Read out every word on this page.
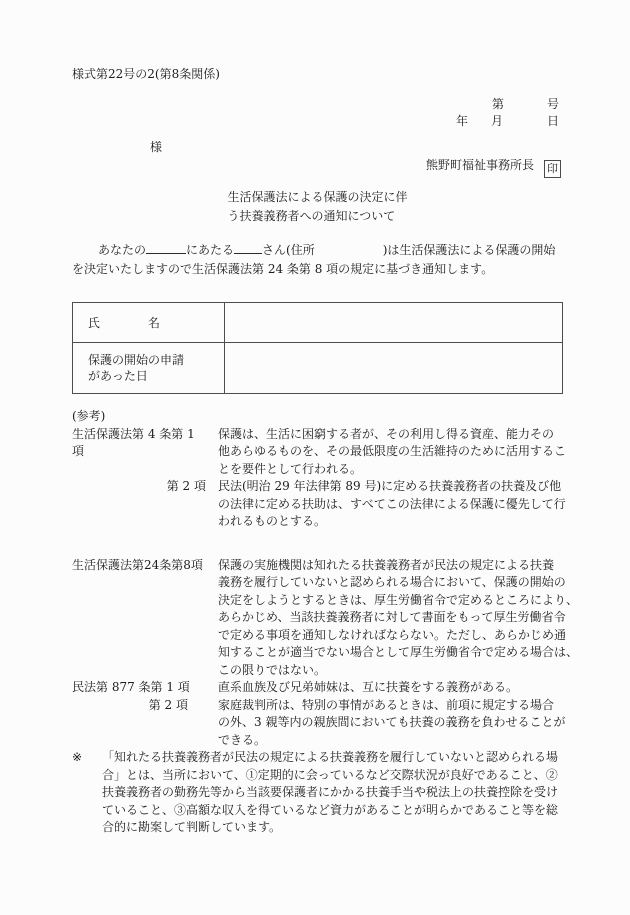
様式第22号の2(第8条関係)
第	号
年 月	日
様
熊野町福祉事務所長 印
生活保護法による保護の決定に伴
う扶養義務者への通知について
あなたの	にあたる さん(住所	)は生活保護法による保護の開始
を決定いたしますので生活保護法第 24 条第 8 項の規定に基づき通知します。
氏　　　　名	

保護の開始の申請
があった日	

(参考)
生活保護法第 4 条第 1 項
保護は、生活に困窮する者が、その利用し得る資産、能力その
他あらゆるものを、その最低限度の生活維持のために活用するこ
とを要件として行われる。
第 2 項 民法(明治 29 年法律第 89 号)に定める扶養義務者の扶養及び他
の法律に定める扶助は、すべてこの法律による保護に優先して行
われるものとする。
生活保護法第24条第8項 保護の実施機関は知れたる扶養義務者が民法の規定による扶養
義務を履行していないと認められる場合において、保護の開始の
決定をしようとするときは、厚生労働省令で定めるところにより、
あらかじめ、当該扶養義務者に対して書面をもって厚生労働省令
で定める事項を通知しなければならない。ただし、あらかじめ通
知することが適当でない場合として厚生労働省令で定める場合は、
この限りではない。
民法第 877 条第 1 項	直系血族及び兄弟姉妹は、互に扶養をする義務がある。
第 2 項	家庭裁判所は、特別の事情があるときは、前項に規定する場合
の外、3 親等内の親族間においても扶養の義務を負わせることが
できる。
※	「知れたる扶養義務者が民法の規定による扶養義務を履行していないと認められる場
合」とは、当所において、①定期的に会っているなど交際状況が良好であること、②
扶養義務者の勤務先等から当該要保護者にかかる扶養手当や税法上の扶養控除を受け
ていること、③高額な収入を得ているなど資力があることが明らかであること等を総
合的に勘案して判断しています。
